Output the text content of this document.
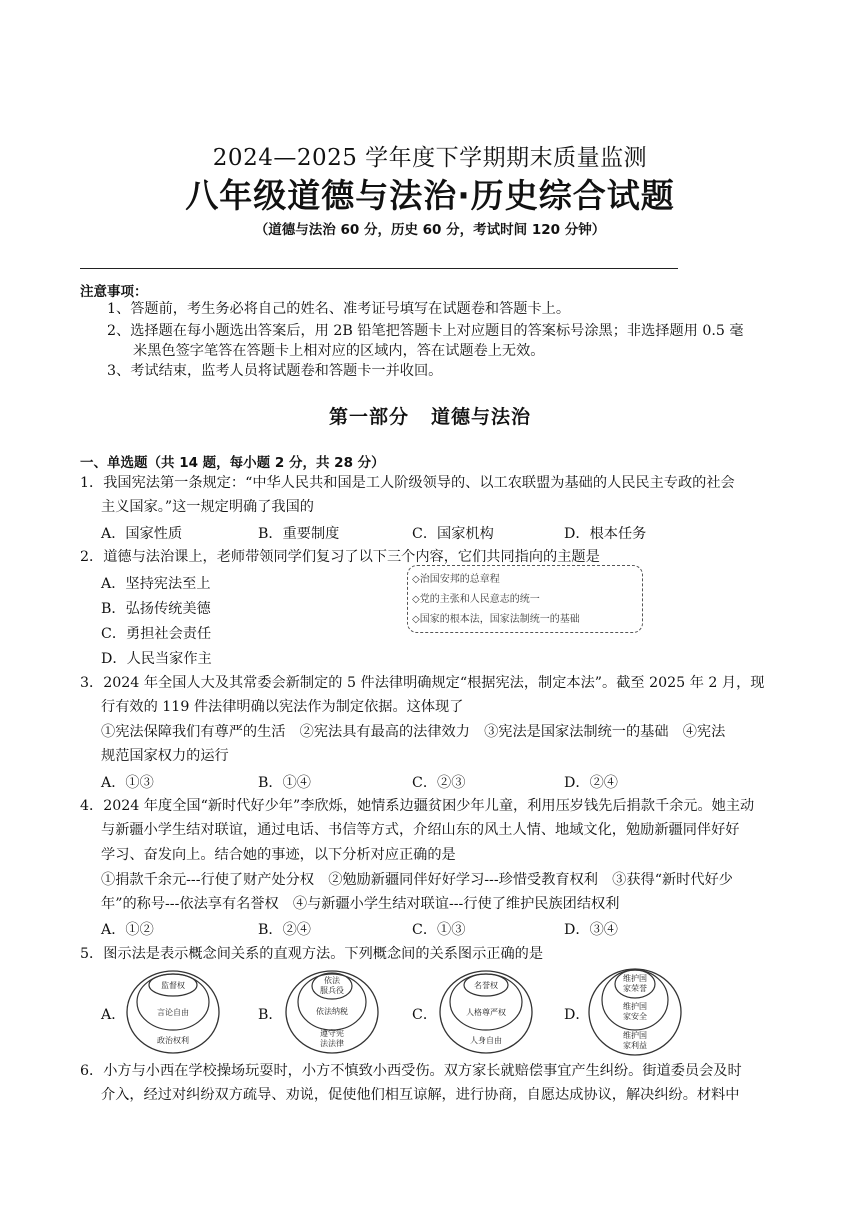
2024—2025 学年度下学期期末质量监测
八年级道德与法治·历史综合试题
（道德与法治 60 分，历史 60 分，考试时间 120 分钟）
注意事项：
1、答题前，考生务必将自己的姓名、准考证号填写在试题卷和答题卡上。
2、选择题在每小题选出答案后，用 2B 铅笔把答题卡上对应题目的答案标号涂黑；非选择题用 0.5 毫
米黑色签字笔答在答题卡上相对应的区域内，答在试题卷上无效。
3、考试结束，监考人员将试题卷和答题卡一并收回。
第一部分 道德与法治
一、单选题（共 14 题，每小题 2 分，共 28 分）
1．我国宪法第一条规定：“中华人民共和国是工人阶级领导的、以工农联盟为基础的人民民主专政的社会
主义国家。”这一规定明确了我国的
A．国家性质	B．重要制度	C．国家机构	D．根本任务
2．道德与法治课上，老师带领同学们复习了以下三个内容，它们共同指向的主题是
A．坚持宪法至上
B．弘扬传统美德
C．勇担社会责任
D．人民当家作主
◇治国安邦的总章程
◇党的主张和人民意志的统一
◇国家的根本法，国家法制统一的基础
3．2024 年全国人大及其常委会新制定的 5 件法律明确规定“根据宪法，制定本法”。截至 2025 年 2 月，现
行有效的 119 件法律明确以宪法作为制定依据。这体现了
①宪法保障我们有尊严的生活　②宪法具有最高的法律效力　③宪法是国家法制统一的基础　④宪法
规范国家权力的运行
A．①③	B．①④	C．②③	D．②④
4．2024 年度全国“新时代好少年”李欣烁，她情系边疆贫困少年儿童，利用压岁钱先后捐款千余元。她主动
与新疆小学生结对联谊，通过电话、书信等方式，介绍山东的风土人情、地域文化，勉励新疆同伴好好
学习、奋发向上。结合她的事迹，以下分析对应正确的是
①捐款千余元---行使了财产处分权　②勉励新疆同伴好好学习---珍惜受教育权利　③获得“新时代好少
年”的称号---依法享有名誉权　④与新疆小学生结对联谊---行使了维护民族团结权利
A．①②	B．②④	C．①③	D．③④
5．图示法是表示概念间关系的直观方法。下列概念间的关系图示正确的是
A．	B．	C．	D．
监督权
言论自由
政治权利
依法
服兵役
依法纳税
遵守宪
法法律
名誉权
人格尊严权
人身自由
维护国
家荣誉
维护国
家安全
维护国
家利益
6．小方与小西在学校操场玩耍时，小方不慎致小西受伤。双方家长就赔偿事宜产生纠纷。街道委员会及时
介入，经过对纠纷双方疏导、劝说，促使他们相互谅解，进行协商，自愿达成协议，解决纠纷。材料中
